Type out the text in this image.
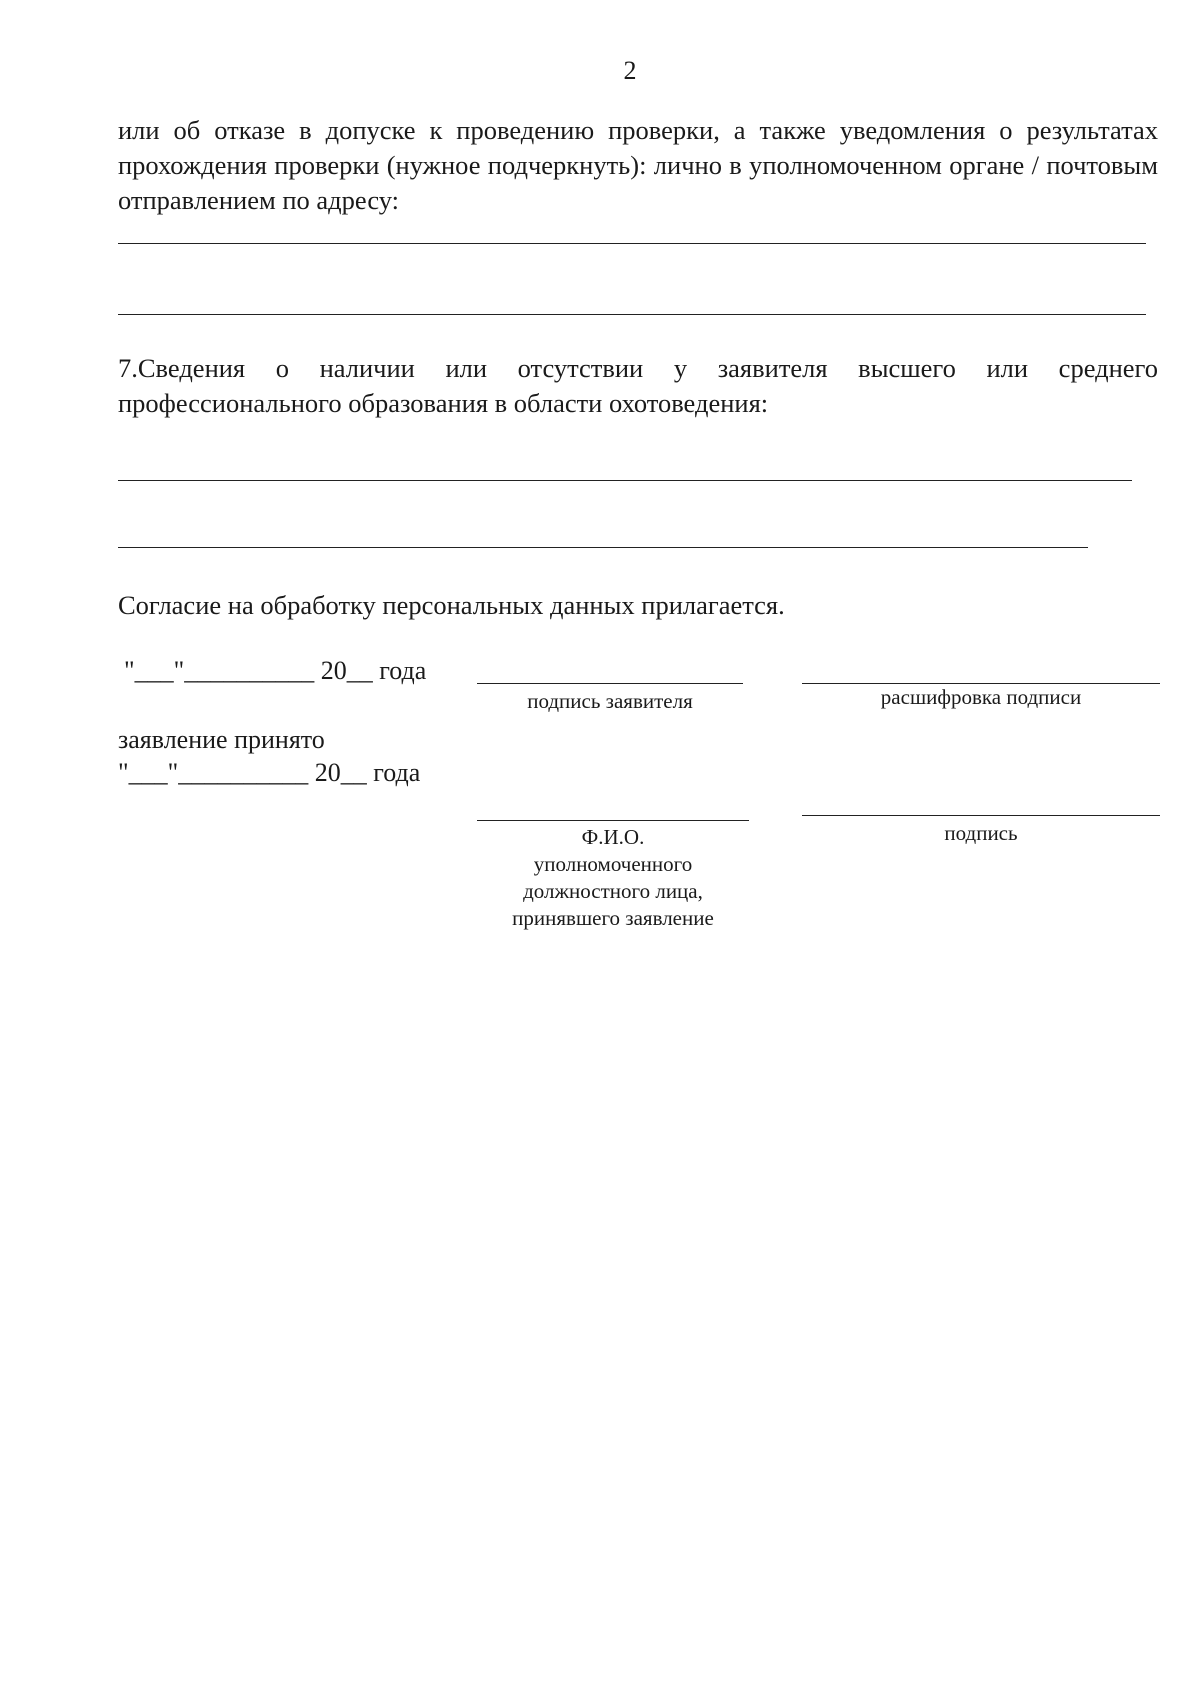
2
или об отказе в допуске к проведению проверки, а также уведомления о результатах прохождения проверки (нужное подчеркнуть): лично в уполномоченном органе / почтовым отправлением по адресу:
7.Сведения о наличии или отсутствии у заявителя высшего или среднего профессионального образования в области охотоведения:
Согласие на обработку персональных данных прилагается.
"___"__________ 20__ года
подпись заявителя	расшифровка подписи
заявление принято
"___"__________ 20__ года
Ф.И.О.
уполномоченного
должностного лица,
принявшего заявление
подпись
